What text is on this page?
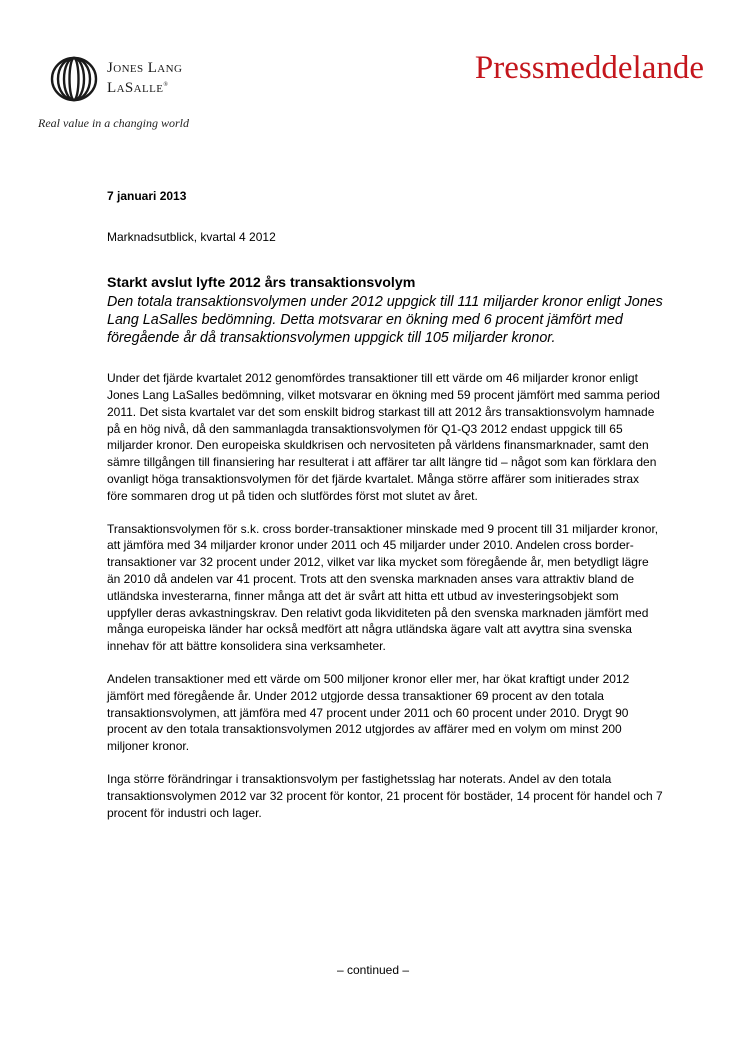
Jones Lang
LaSalle®
Real value in a changing world
Pressmeddelande

7 januari 2013

Marknadsutblick, kvartal 4 2012

Starkt avslut lyfte 2012 års transaktionsvolym

Den totala transaktionsvolymen under 2012 uppgick till 111 miljarder kronor enligt Jones Lang LaSalles bedömning. Detta motsvarar en ökning med 6 procent jämfört med föregående år då transaktionsvolymen uppgick till 105 miljarder kronor.

Under det fjärde kvartalet 2012 genomfördes transaktioner till ett värde om 46 miljarder kronor enligt Jones Lang LaSalles bedömning, vilket motsvarar en ökning med 59 procent jämfört med samma period 2011. Det sista kvartalet var det som enskilt bidrog starkast till att 2012 års transaktionsvolym hamnade på en hög nivå, då den sammanlagda transaktionsvolymen för Q1-Q3 2012 endast uppgick till 65 miljarder kronor. Den europeiska skuldkrisen och nervositeten på världens finansmarknader, samt den sämre tillgången till finansiering har resulterat i att affärer tar allt längre tid – något som kan förklara den ovanligt höga transaktionsvolymen för det fjärde kvartalet. Många större affärer som initierades strax före sommaren drog ut på tiden och slutfördes först mot slutet av året.

Transaktionsvolymen för s.k. cross border-transaktioner minskade med 9 procent till 31 miljarder kronor, att jämföra med 34 miljarder kronor under 2011 och 45 miljarder under 2010. Andelen cross border-transaktioner var 32 procent under 2012, vilket var lika mycket som föregående år, men betydligt lägre än 2010 då andelen var 41 procent. Trots att den svenska marknaden anses vara attraktiv bland de utländska investerarna, finner många att det är svårt att hitta ett utbud av investeringsobjekt som uppfyller deras avkastningskrav. Den relativt goda likviditeten på den svenska marknaden jämfört med många europeiska länder har också medfört att några utländska ägare valt att avyttra sina svenska innehav för att bättre konsolidera sina verksamheter.

Andelen transaktioner med ett värde om 500 miljoner kronor eller mer, har ökat kraftigt under 2012 jämfört med föregående år. Under 2012 utgjorde dessa transaktioner 69 procent av den totala transaktionsvolymen, att jämföra med 47 procent under 2011 och 60 procent under 2010. Drygt 90 procent av den totala transaktionsvolymen 2012 utgjordes av affärer med en volym om minst 200 miljoner kronor.

Inga större förändringar i transaktionsvolym per fastighetsslag har noterats. Andel av den totala transaktionsvolymen 2012 var 32 procent för kontor, 21 procent för bostäder, 14 procent för handel och 7 procent för industri och lager.

– continued –
